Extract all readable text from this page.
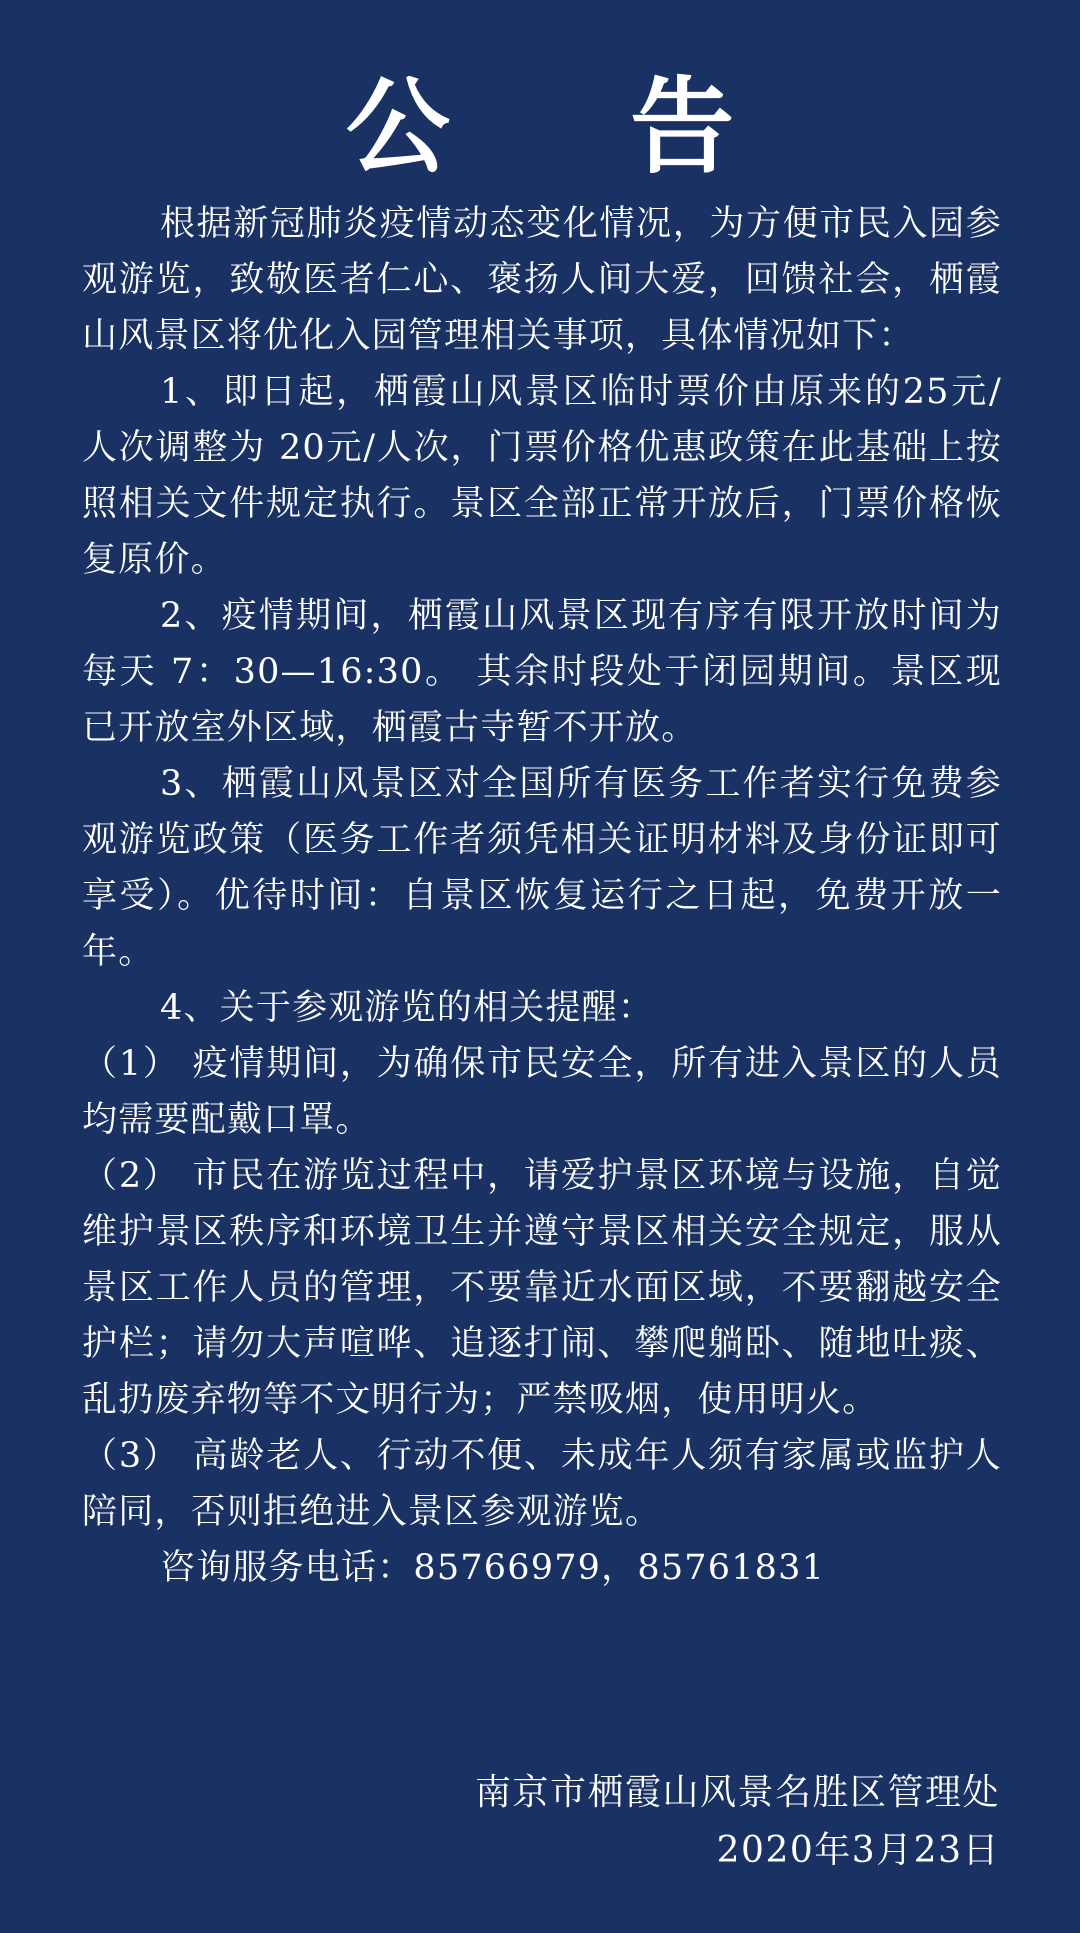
公 告

根据新冠肺炎疫情动态变化情况，为方便市民入园参观游览，致敬医者仁心、褒扬人间大爱，回馈社会，栖霞山风景区将优化入园管理相关事项，具体情况如下：

1、即日起，栖霞山风景区临时票价由原来的25元/人次调整为 20元/人次，门票价格优惠政策在此基础上按照相关文件规定执行。景区全部正常开放后，门票价格恢复原价。

2、疫情期间，栖霞山风景区现有序有限开放时间为每天 7：30—16:30。 其余时段处于闭园期间。景区现已开放室外区域，栖霞古寺暂不开放。

3、栖霞山风景区对全国所有医务工作者实行免费参观游览政策（医务工作者须凭相关证明材料及身份证即可享受）。优待时间：自景区恢复运行之日起，免费开放一年。

4、关于参观游览的相关提醒：

（1） 疫情期间，为确保市民安全，所有进入景区的人员均需要配戴口罩。

（2） 市民在游览过程中，请爱护景区环境与设施，自觉维护景区秩序和环境卫生并遵守景区相关安全规定，服从景区工作人员的管理，不要靠近水面区域，不要翻越安全护栏；请勿大声喧哗、追逐打闹、攀爬躺卧、随地吐痰、乱扔废弃物等不文明行为；严禁吸烟，使用明火。

（3） 高龄老人、行动不便、未成年人须有家属或监护人陪同，否则拒绝进入景区参观游览。

咨询服务电话：85766979，85761831

南京市栖霞山风景名胜区管理处
2020年3月23日
